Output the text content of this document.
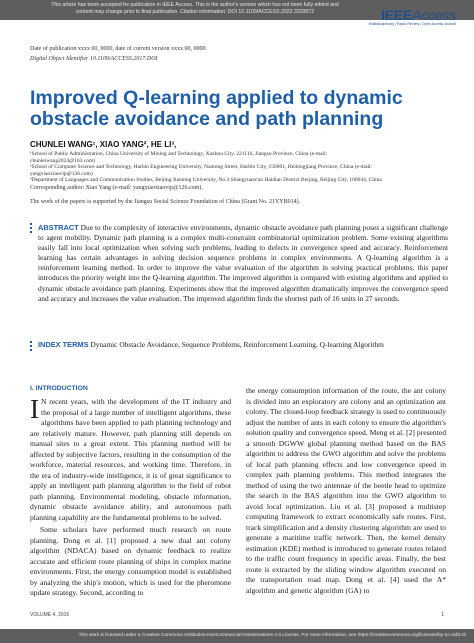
This article has been accepted for publication in IEEE Access. This is the author's version which has not been fully edited and
content may change prior to final publication. Citation information: DOI 10.1109/ACCESS.2022.3203072	IEEEAccess
Multidisciplinary | Rapid Review | Open Access Journal
Date of publication xxxx 00, 0000, date of current version xxxx 00, 0000.
Digital Object Identifier 10.1109/ACCESS.2017.DOI
Improved Q-learning applied to dynamic obstacle avoidance and path planning
CHUNLEI WANG¹, XIAO YANG², HE LI³,
¹School of Public Administration, China University of Mining and Technology, Xuzhou City, 221116, Jiangsu Province, China (e-mail:
chunleiwang2024@163.com)
²School of Computer Science and Technology, Harbin Engineering University, Nantong Street, Harbin City, 150001, Heilongjiang Province, China (e-mail:
yangxiaoxiaovip@126.com)
³Department of Languages and Communication Studies, Beijing Jiaotong University, No.3 Shangyuancun Haidian District Beijing, Beijing City, 100044, China
Corresponding author: Xiao Yang (e-mail: yangxiaoxiaovip@126.com).
The work of the papers is supported by the Jiangsu Social Science Foundation of China (Grant No. 21YYB014).
ABSTRACT Due to the complexity of interactive environments, dynamic obstacle avoidance path planning poses a significant challenge to agent mobility. Dynamic path planning is a complex multi-constraint combinatorial optimization problem. Some existing algorithms easily fall into local optimization when solving such problems, leading to defects in convergence speed and accuracy. Reinforcement learning has certain advantages in solving decision sequence problems in complex environments. A Q-learning algorithm is a reinforcement learning method. In order to improve the value evaluation of the algorithm in solving practical problems, this paper introduces the priority weight into the Q-learning algorithm. The improved algorithm is compared with existing algorithms and applied to dynamic obstacle avoidance path planning. Experiments show that the improved algorithm dramatically improves the convergence speed and accuracy and increases the value evaluation. The improved algorithm finds the shortest path of 16 units in 27 seconds.
INDEX TERMS Dynamic Obstacle Avoidance, Sequence Problems, Reinforcement Learning, Q-learning Algorithm
I. INTRODUCTION
I N recent years, with the development of the IT industry and the proposal of a large number of intelligent algorithms, these algorithms have been applied to path planning technology and are relatively mature. However, path planning still depends on manual sites to a great extent. This planning method will be affected by subjective factors, resulting in the consumption of the workforce, material resources, and working time. Therefore, in the era of industry-wide intelligence, it is of great significance to apply an intelligent path planning algorithm to the field of robot path planning. Environmental modeling, obstacle information, dynamic obstacle avoidance ability, and autonomous path planning capability are the fundamental problems to be solved.
Some scholars have performed much research on route planning. Dong et al. [1] proposed a new dual ant colony algorithm (NDACA) based on dynamic feedback to realize accurate and efficient route planning of ships in complex marine environments. First, the energy consumption model is established by analyzing the ship's motion, which is used for the pheromone update strategy. Second, according to
the energy consumption information of the route, the ant colony is divided into an exploratory ant colony and an optimization ant colony. The closed-loop feedback strategy is used to continuously adjust the number of ants in each colony to ensure the algorithm's solution quality and convergence speed. Meng et al. [2] presented a smooth DGWW global planning method based on the BAS algorithm to address the GWO algorithm and solve the problems of local path planning effects and low convergence speed in complex path planning problems. This method integrates the method of using the two antennae of the beetle head to optimize the search in the BAS algorithm into the GWO algorithm to avoid local optimization. Liu et al. [3] proposed a multistep computing framework to extract economically safe routes. First, track simplification and a density clustering algorithm are used to generate a maritime traffic network. Then, the kernel density estimation (KDE) method is introduced to generate routes related to the traffic count frequency in specific areas. Finally, the best route is extracted by the sliding window algorithm executed on the transportation road map. Dong et al. [4] used the A* algorithm and genetic algorithm (GA) to
VOLUME 4, 2016	1
This work is licensed under a Creative Commons Attribution-NonCommercial-NoDerivatives 4.0 License. For more information, see https://creativecommons.org/licenses/by-nc-nd/4.0/
